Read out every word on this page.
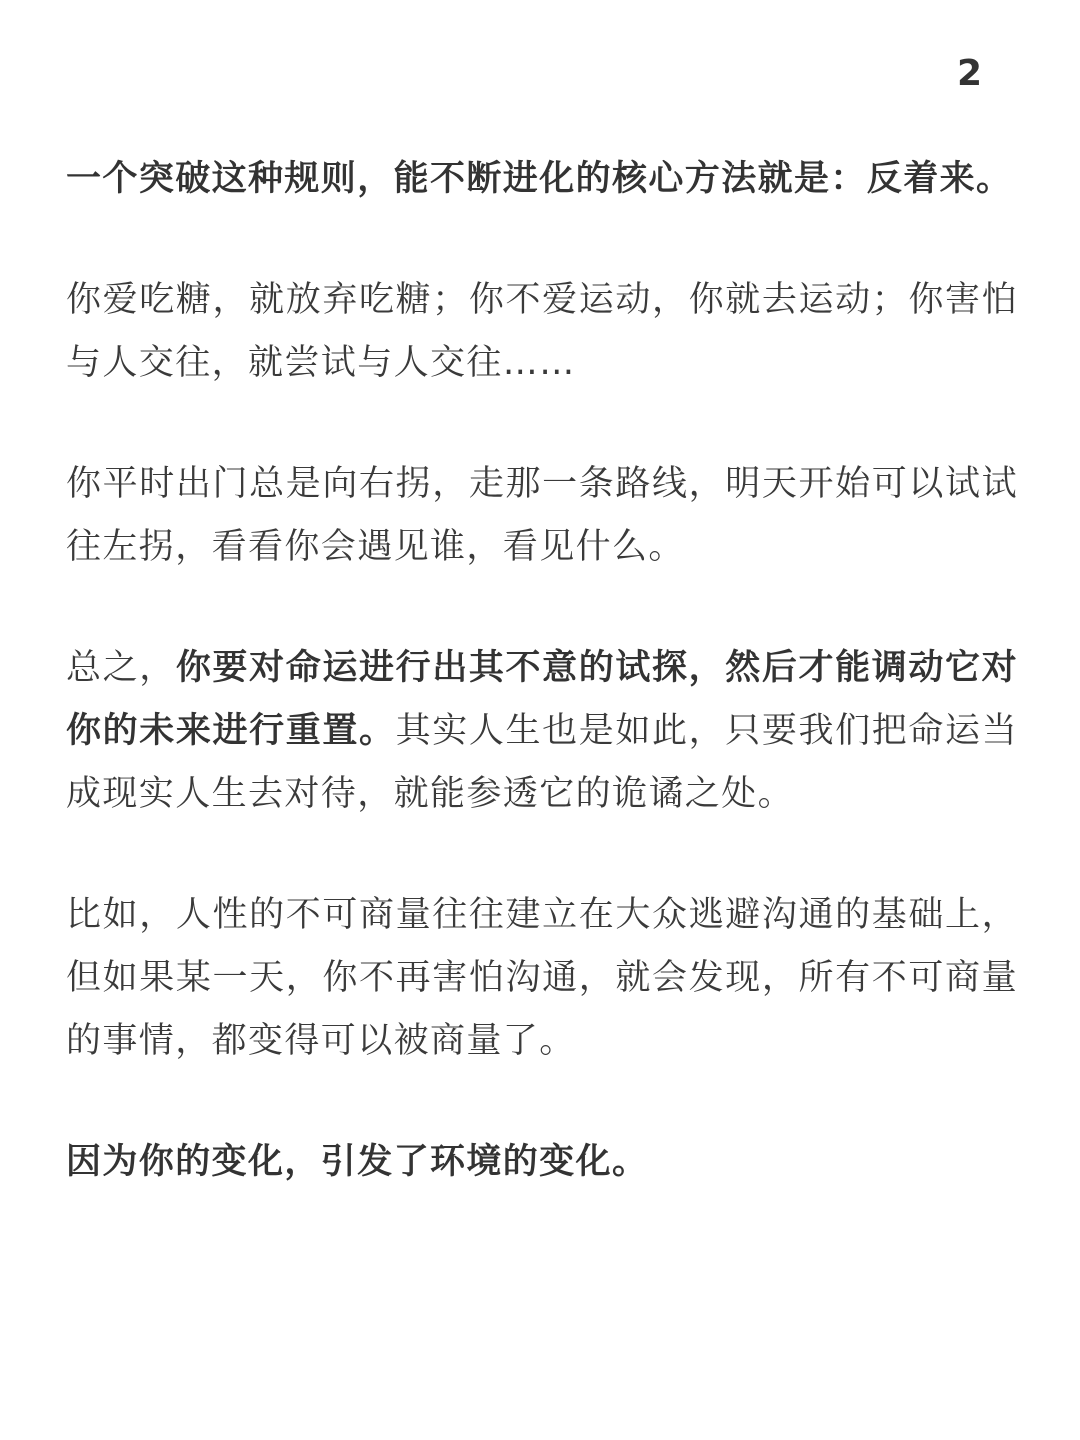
2

一个突破这种规则，能不断进化的核心方法就是：反着来。

你爱吃糖，就放弃吃糖；你不爱运动，你就去运动；你害怕与人交往，就尝试与人交往……

你平时出门总是向右拐，走那一条路线，明天开始可以试试往左拐，看看你会遇见谁，看见什么。

总之，你要对命运进行出其不意的试探，然后才能调动它对你的未来进行重置。其实人生也是如此，只要我们把命运当成现实人生去对待，就能参透它的诡谲之处。

比如，人性的不可商量往往建立在大众逃避沟通的基础上，但如果某一天，你不再害怕沟通，就会发现，所有不可商量的事情，都变得可以被商量了。

因为你的变化，引发了环境的变化。
